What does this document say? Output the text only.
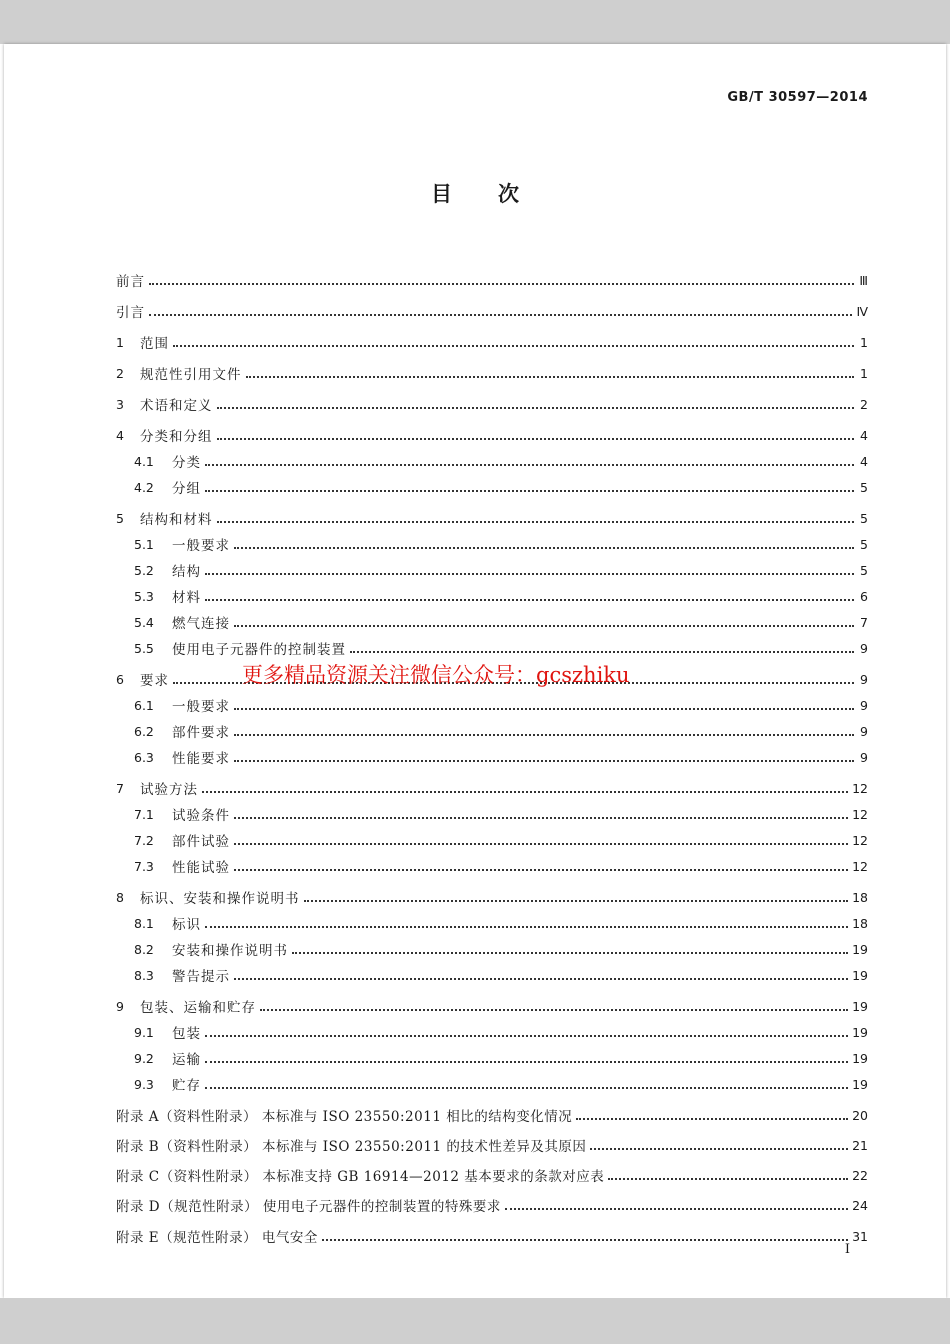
GB/T 30597—2014
目次
前言	Ⅲ
引言	Ⅳ
1	范围	1
2	规范性引用文件	1
3	术语和定义	2
4	分类和分组	4
4.1	分类	4
4.2	分组	5
5	结构和材料	5
5.1	一般要求	5
5.2	结构	5
5.3	材料	6
5.4	燃气连接	7
5.5	使用电子元器件的控制装置	9
6	要求	9
6.1	一般要求	9
6.2	部件要求	9
6.3	性能要求	9
7	试验方法	12
7.1	试验条件	12
7.2	部件试验	12
7.3	性能试验	12
8	标识、安装和操作说明书	18
8.1	标识	18
8.2	安装和操作说明书	19
8.3	警告提示	19
9	包装、运输和贮存	19
9.1	包装	19
9.2	运输	19
9.3	贮存	19
附录 A（资料性附录） 本标准与 ISO 23550:2011 相比的结构变化情况	20
附录 B（资料性附录） 本标准与 ISO 23550:2011 的技术性差异及其原因	21
附录 C（资料性附录） 本标准支持 GB 16914—2012 基本要求的条款对应表	22
附录 D（规范性附录） 使用电子元器件的控制装置的特殊要求	24
附录 E（规范性附录） 电气安全	31
更多精品资源关注微信公众号：gcszhiku
I
